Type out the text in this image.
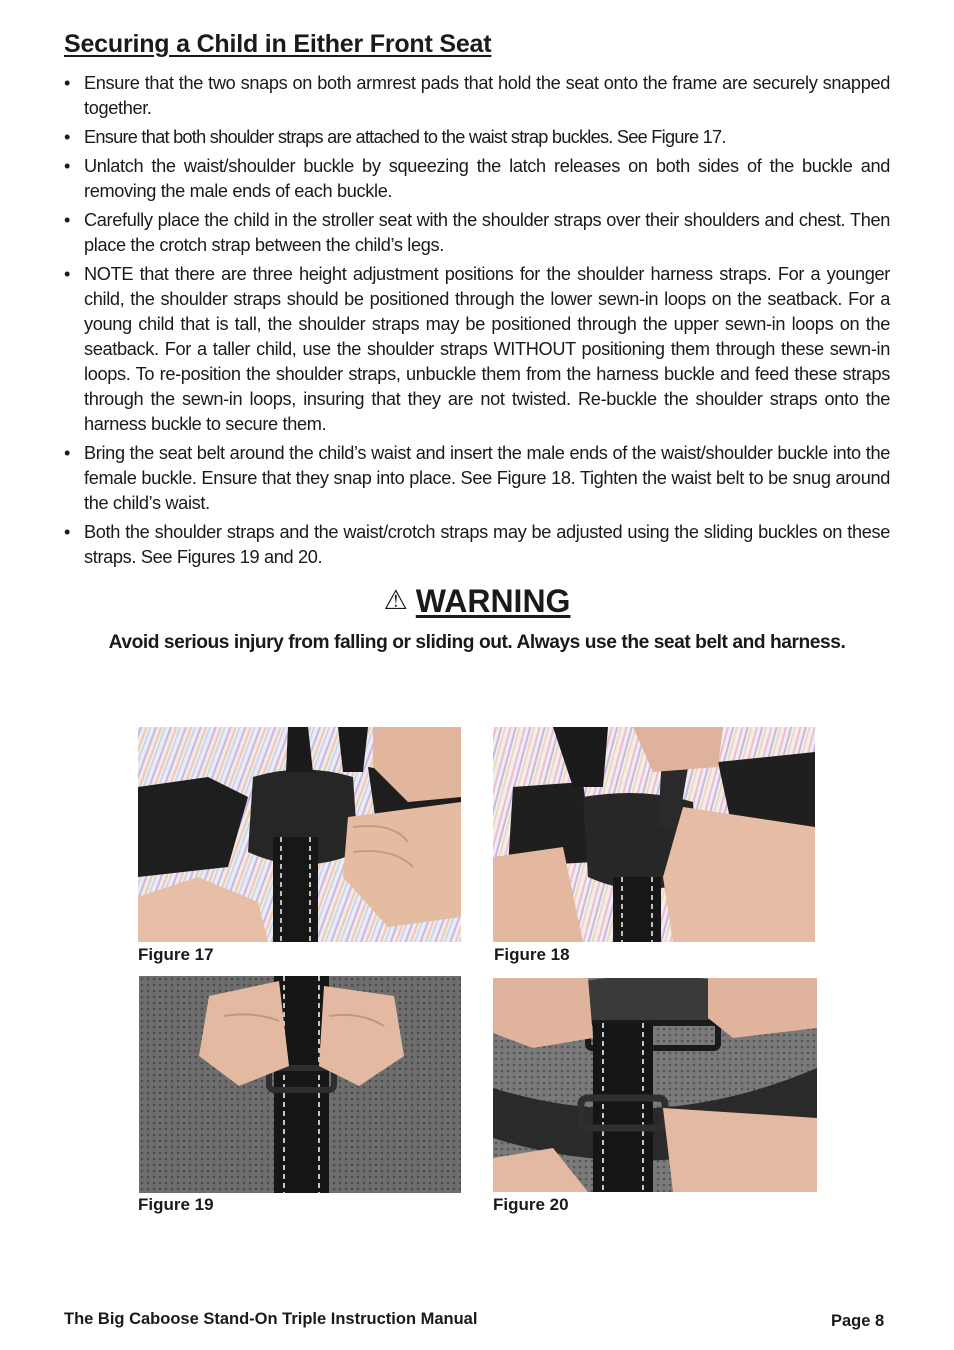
Securing a Child in Either Front Seat
• Ensure that the two snaps on both armrest pads that hold the seat onto the frame are securely snapped together.
• Ensure that both shoulder straps are attached to the waist strap buckles. See Figure 17.
• Unlatch the waist/shoulder buckle by squeezing the latch releases on both sides of the buckle and removing the male ends of each buckle.
• Carefully place the child in the stroller seat with the shoulder straps over their shoulders and chest. Then place the crotch strap between the child’s legs.
• NOTE that there are three height adjustment positions for the shoulder harness straps. For a younger child, the shoulder straps should be positioned through the lower sewn-in loops on the seatback. For a young child that is tall, the shoulder straps may be positioned through the upper sewn-in loops on the seatback. For a taller child, use the shoulder straps WITHOUT positioning them through these sewn-in loops. To re-position the shoulder straps, unbuckle them from the harness buckle and feed these straps through the sewn-in loops, insuring that they are not twisted. Re-buckle the shoulder straps onto the harness buckle to secure them.
• Bring the seat belt around the child’s waist and insert the male ends of the waist/shoulder buckle into the female buckle. Ensure that they snap into place. See Figure 18. Tighten the waist belt to be snug around the child’s waist.
• Both the shoulder straps and the waist/crotch straps may be adjusted using the sliding buckles on these straps. See Figures 19 and 20.
⚠ WARNING
Avoid serious injury from falling or sliding out. Always use the seat belt and harness.
Figure 17	Figure 18
Figure 19	Figure 20
The Big Caboose Stand-On Triple Instruction Manual	Page 8
